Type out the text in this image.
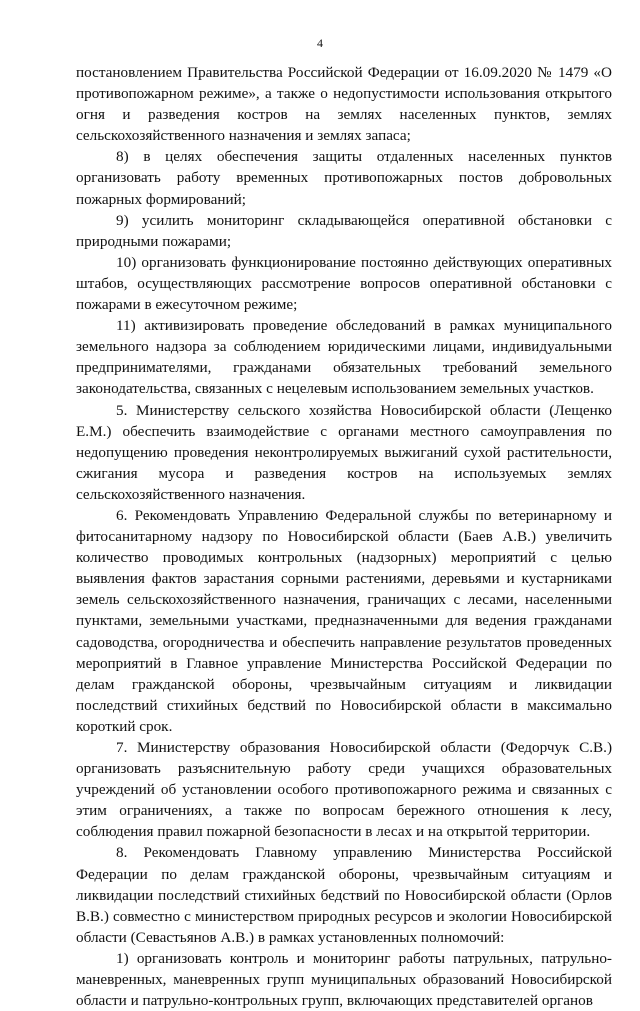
4

постановлением Правительства Российской Федерации от 16.09.2020 № 1479 «О противопожарном режиме», а также о недопустимости использования открытого огня и разведения костров на землях населенных пунктов, землях сельскохозяйственного назначения и землях запаса;

8) в целях обеспечения защиты отдаленных населенных пунктов организовать работу временных противопожарных постов добровольных пожарных формирований;

9) усилить мониторинг складывающейся оперативной обстановки с природными пожарами;

10) организовать функционирование постоянно действующих оперативных штабов, осуществляющих рассмотрение вопросов оперативной обстановки с пожарами в ежесуточном режиме;

11) активизировать проведение обследований в рамках муниципального земельного надзора за соблюдением юридическими лицами, индивидуальными предпринимателями, гражданами обязательных требований земельного законодательства, связанных с нецелевым использованием земельных участков.

5. Министерству сельского хозяйства Новосибирской области (Лещенко Е.М.) обеспечить взаимодействие с органами местного самоуправления по недопущению проведения неконтролируемых выжиганий сухой растительности, сжигания мусора и разведения костров на используемых землях сельскохозяйственного назначения.

6. Рекомендовать Управлению Федеральной службы по ветеринарному и фитосанитарному надзору по Новосибирской области (Баев А.В.) увеличить количество проводимых контрольных (надзорных) мероприятий с целью выявления фактов зарастания сорными растениями, деревьями и кустарниками земель сельскохозяйственного назначения, граничащих с лесами, населенными пунктами, земельными участками, предназначенными для ведения гражданами садоводства, огородничества и обеспечить направление результатов проведенных мероприятий в Главное управление Министерства Российской Федерации по делам гражданской обороны, чрезвычайным ситуациям и ликвидации последствий стихийных бедствий по Новосибирской области в максимально короткий срок.

7. Министерству образования Новосибирской области (Федорчук С.В.) организовать разъяснительную работу среди учащихся образовательных учреждений об установлении особого противопожарного режима и связанных с этим ограничениях, а также по вопросам бережного отношения к лесу, соблюдения правил пожарной безопасности в лесах и на открытой территории.

8. Рекомендовать Главному управлению Министерства Российской Федерации по делам гражданской обороны, чрезвычайным ситуациям и ликвидации последствий стихийных бедствий по Новосибирской области (Орлов В.В.) совместно с министерством природных ресурсов и экологии Новосибирской области (Севастьянов А.В.) в рамках установленных полномочий:

1) организовать контроль и мониторинг работы патрульных, патрульно-маневренных, маневренных групп муниципальных образований Новосибирской области и патрульно-контрольных групп, включающих представителей органов
